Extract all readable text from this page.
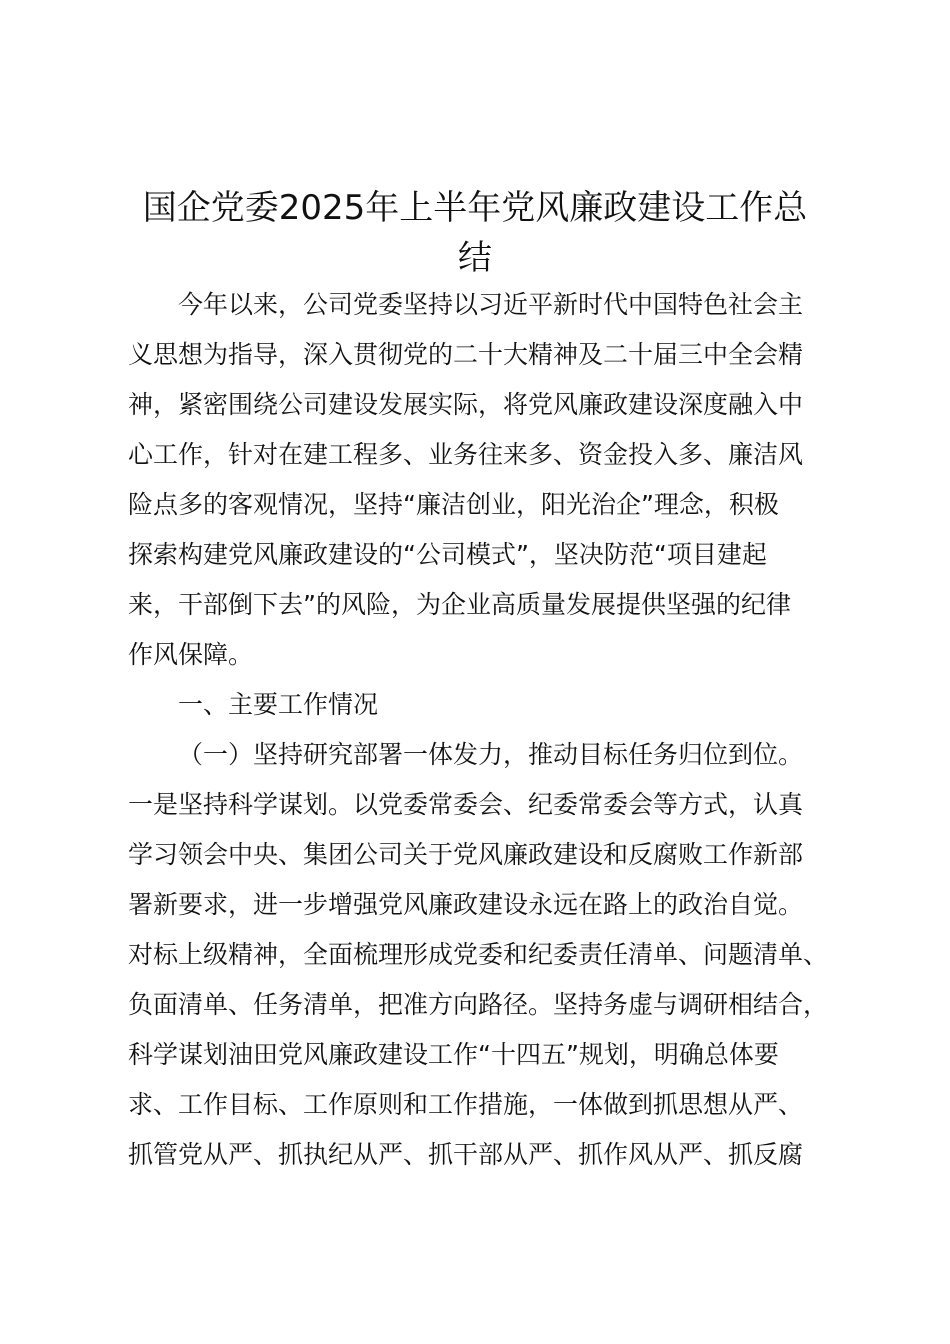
国企党委2025年上半年党风廉政建设工作总
结
今年以来，公司党委坚持以习近平新时代中国特色社会主
义思想为指导，深入贯彻党的二十大精神及二十届三中全会精
神，紧密围绕公司建设发展实际，将党风廉政建设深度融入中
心工作，针对在建工程多、业务往来多、资金投入多、廉洁风
险点多的客观情况，坚持“廉洁创业，阳光治企”理念，积极
探索构建党风廉政建设的“公司模式”，坚决防范“项目建起
来，干部倒下去”的风险，为企业高质量发展提供坚强的纪律
作风保障。
一、主要工作情况
（一）坚持研究部署一体发力，推动目标任务归位到位。
一是坚持科学谋划。以党委常委会、纪委常委会等方式，认真
学习领会中央、集团公司关于党风廉政建设和反腐败工作新部
署新要求，进一步增强党风廉政建设永远在路上的政治自觉。
对标上级精神，全面梳理形成党委和纪委责任清单、问题清单、
负面清单、任务清单，把准方向路径。坚持务虚与调研相结合，
科学谋划油田党风廉政建设工作“十四五”规划，明确总体要
求、工作目标、工作原则和工作措施，一体做到抓思想从严、
抓管党从严、抓执纪从严、抓干部从严、抓作风从严、抓反腐
